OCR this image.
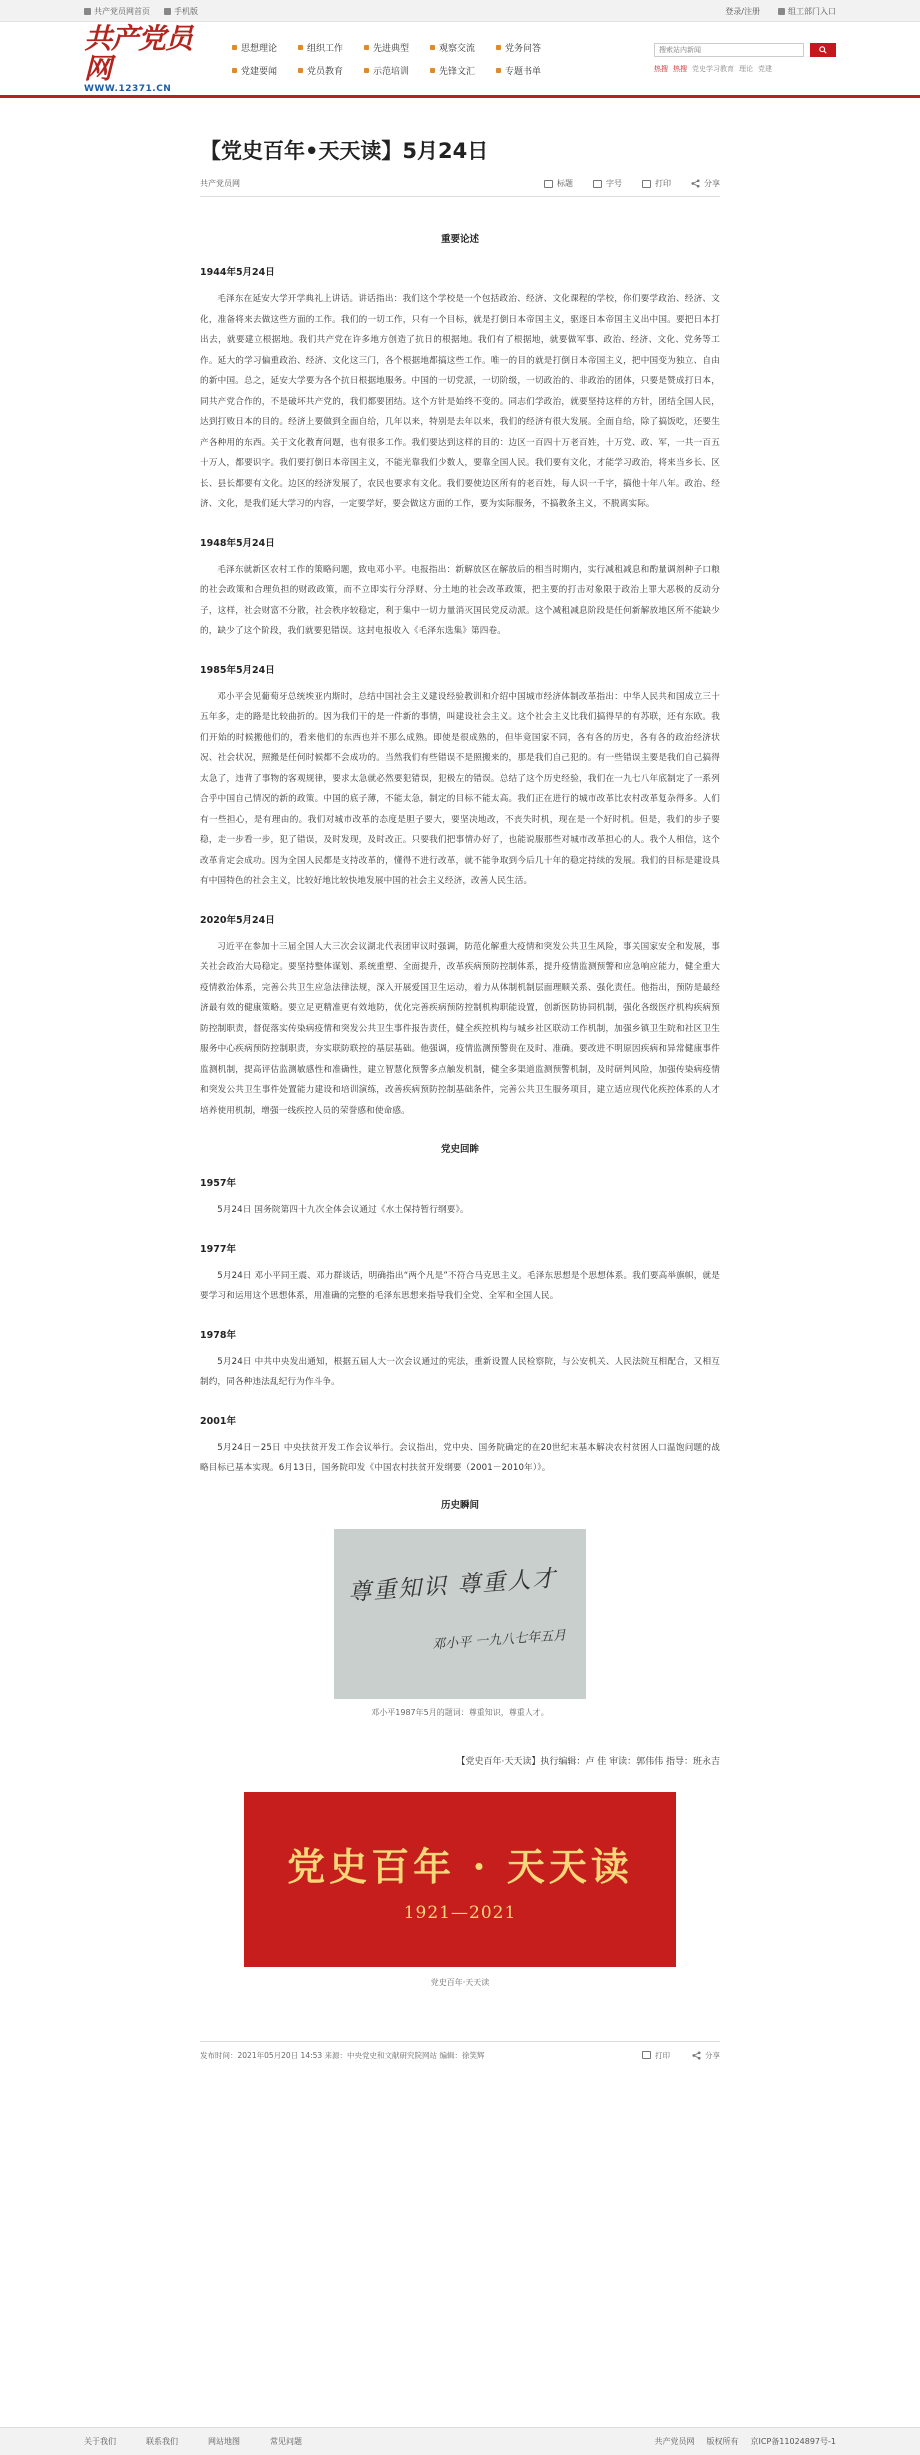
共产党员网首页	手机版	登录/注册	组工部门入口
共产党员网
WWW.12371.CN
思想理论	组织工作	先进典型	观察交流	党务问答
党建要闻	党员教育	示范培训	先锋文汇	专题书单
搜索站内新闻	热搜 热搜 党史学习教育 理论 党建
【党史百年•天天读】5月24日
共产党员网	标题	字号	打印	分享
重要论述
1944年5月24日

毛泽东在延安大学开学典礼上讲话。讲话指出：我们这个学校是一个包括政治、经济、文化课程的学校，你们要学政治、经济、文化，准备将来去做这些方面的工作。我们的一切工作，只有一个目标，就是打倒日本帝国主义，驱逐日本帝国主义出中国。要把日本打出去，就要建立根据地。我们共产党在许多地方创造了抗日的根据地。我们有了根据地，就要做军事、政治、经济、文化、党务等工作。延大的学习偏重政治、经济、文化这三门，各个根据地都搞这些工作。唯一的目的就是打倒日本帝国主义，把中国变为独立、自由的新中国。总之，延安大学要为各个抗日根据地服务。中国的一切党派，一切阶级，一切政治的、非政治的团体，只要是赞成打日本，同共产党合作的，不是破坏共产党的，我们都要团结。这个方针是始终不变的。同志们学政治，就要坚持这样的方针，团结全国人民，达到打败日本的目的。经济上要做到全面自给，几年以来，特别是去年以来，我们的经济有很大发展。全面自给，除了搞饭吃，还要生产各种用的东西。关于文化教育问题，也有很多工作。我们要达到这样的目的：边区一百四十万老百姓，十万党、政、军，一共一百五十万人，都要识字。我们要打倒日本帝国主义，不能光靠我们少数人，要靠全国人民。我们要有文化，才能学习政治，将来当乡长、区长、县长都要有文化。边区的经济发展了，农民也要求有文化。我们要使边区所有的老百姓，每人识一千字，搞他十年八年。政治、经济、文化，是我们延大学习的内容，一定要学好，要会做这方面的工作，要为实际服务，不搞教条主义，不脱离实际。

1948年5月24日

毛泽东就新区农村工作的策略问题，致电邓小平。电报指出：新解放区在解放后的相当时期内，实行减租减息和酌量调剂种子口粮的社会政策和合理负担的财政政策，而不立即实行分浮财、分土地的社会改革政策，把主要的打击对象限于政治上罪大恶极的反动分子，这样，社会财富不分散，社会秩序较稳定，利于集中一切力量消灭国民党反动派。这个减租减息阶段是任何新解放地区所不能缺少的，缺少了这个阶段，我们就要犯错误。这封电报收入《毛泽东选集》第四卷。

1985年5月24日

邓小平会见葡萄牙总统埃亚内斯时，总结中国社会主义建设经验教训和介绍中国城市经济体制改革指出：中华人民共和国成立三十五年多，走的路是比较曲折的。因为我们干的是一件新的事情，叫建设社会主义。这个社会主义比我们搞得早的有苏联，还有东欧。我们开始的时候搬他们的，看来他们的东西也并不那么成熟。即使是很成熟的，但毕竟国家不同，各有各的历史，各有各的政治经济状况、社会状况，照搬是任何时候都不会成功的。当然我们有些错误不是照搬来的，那是我们自己犯的。有一些错误主要是我们自己搞得太急了，违背了事物的客观规律，要求太急就必然要犯错误，犯极左的错误。总结了这个历史经验，我们在一九七八年底制定了一系列合乎中国自己情况的新的政策。中国的底子薄，不能太急，制定的目标不能太高。我们正在进行的城市改革比农村改革复杂得多。人们有一些担心，是有理由的。我们对城市改革的态度是胆子要大，要坚决地改，不丧失时机，现在是一个好时机。但是，我们的步子要稳，走一步看一步，犯了错误，及时发现，及时改正。只要我们把事情办好了，也能说服那些对城市改革担心的人。我个人相信，这个改革肯定会成功。因为全国人民都是支持改革的，懂得不进行改革，就不能争取到今后几十年的稳定持续的发展。我们的目标是建设具有中国特色的社会主义，比较好地比较快地发展中国的社会主义经济，改善人民生活。

2020年5月24日

习近平在参加十三届全国人大三次会议湖北代表团审议时强调，防范化解重大疫情和突发公共卫生风险，事关国家安全和发展，事关社会政治大局稳定。要坚持整体谋划、系统重塑、全面提升，改革疾病预防控制体系，提升疫情监测预警和应急响应能力，健全重大疫情救治体系，完善公共卫生应急法律法规，深入开展爱国卫生运动，着力从体制机制层面理顺关系、强化责任。他指出，预防是最经济最有效的健康策略。要立足更精准更有效地防，优化完善疾病预防控制机构职能设置，创新医防协同机制，强化各级医疗机构疾病预防控制职责，督促落实传染病疫情和突发公共卫生事件报告责任，健全疾控机构与城乡社区联动工作机制，加强乡镇卫生院和社区卫生服务中心疾病预防控制职责，夯实联防联控的基层基础。他强调，疫情监测预警贵在及时、准确。要改进不明原因疾病和异常健康事件监测机制，提高评估监测敏感性和准确性，建立智慧化预警多点触发机制，健全多渠道监测预警机制，及时研判风险，加强传染病疫情和突发公共卫生事件处置能力建设和培训演练，改善疾病预防控制基础条件，完善公共卫生服务项目，建立适应现代化疾控体系的人才培养使用机制，增强一线疾控人员的荣誉感和使命感。

党史回眸
1957年

5月24日 国务院第四十九次全体会议通过《水土保持暂行纲要》。

1977年

5月24日 邓小平同王震、邓力群谈话，明确指出“两个凡是”不符合马克思主义。毛泽东思想是个思想体系。我们要高举旗帜，就是要学习和运用这个思想体系，用准确的完整的毛泽东思想来指导我们全党、全军和全国人民。

1978年

5月24日 中共中央发出通知，根据五届人大一次会议通过的宪法，重新设置人民检察院，与公安机关、人民法院互相配合，又相互制约，同各种违法乱纪行为作斗争。

2001年

5月24日－25日 中央扶贫开发工作会议举行。会议指出，党中央、国务院确定的在20世纪末基本解决农村贫困人口温饱问题的战略目标已基本实现。6月13日，国务院印发《中国农村扶贫开发纲要（2001－2010年）》。

历史瞬间
尊重知识 尊重人才
邓小平 一九八七年五月
邓小平1987年5月的题词：尊重知识，尊重人才。
【党史百年·天天读】执行编辑：卢 佳 审读：郭伟伟 指导：班永吉
党史百年 · 天天读
1921—2021
党史百年·天天读
发布时间：2021年05月20日 14:53 来源：中央党史和文献研究院网站 编辑：徐笑辉	打印	分享
关于我们	联系我们	网站地图	常见问题	共产党员网 版权所有 京ICP备11024897号-1
